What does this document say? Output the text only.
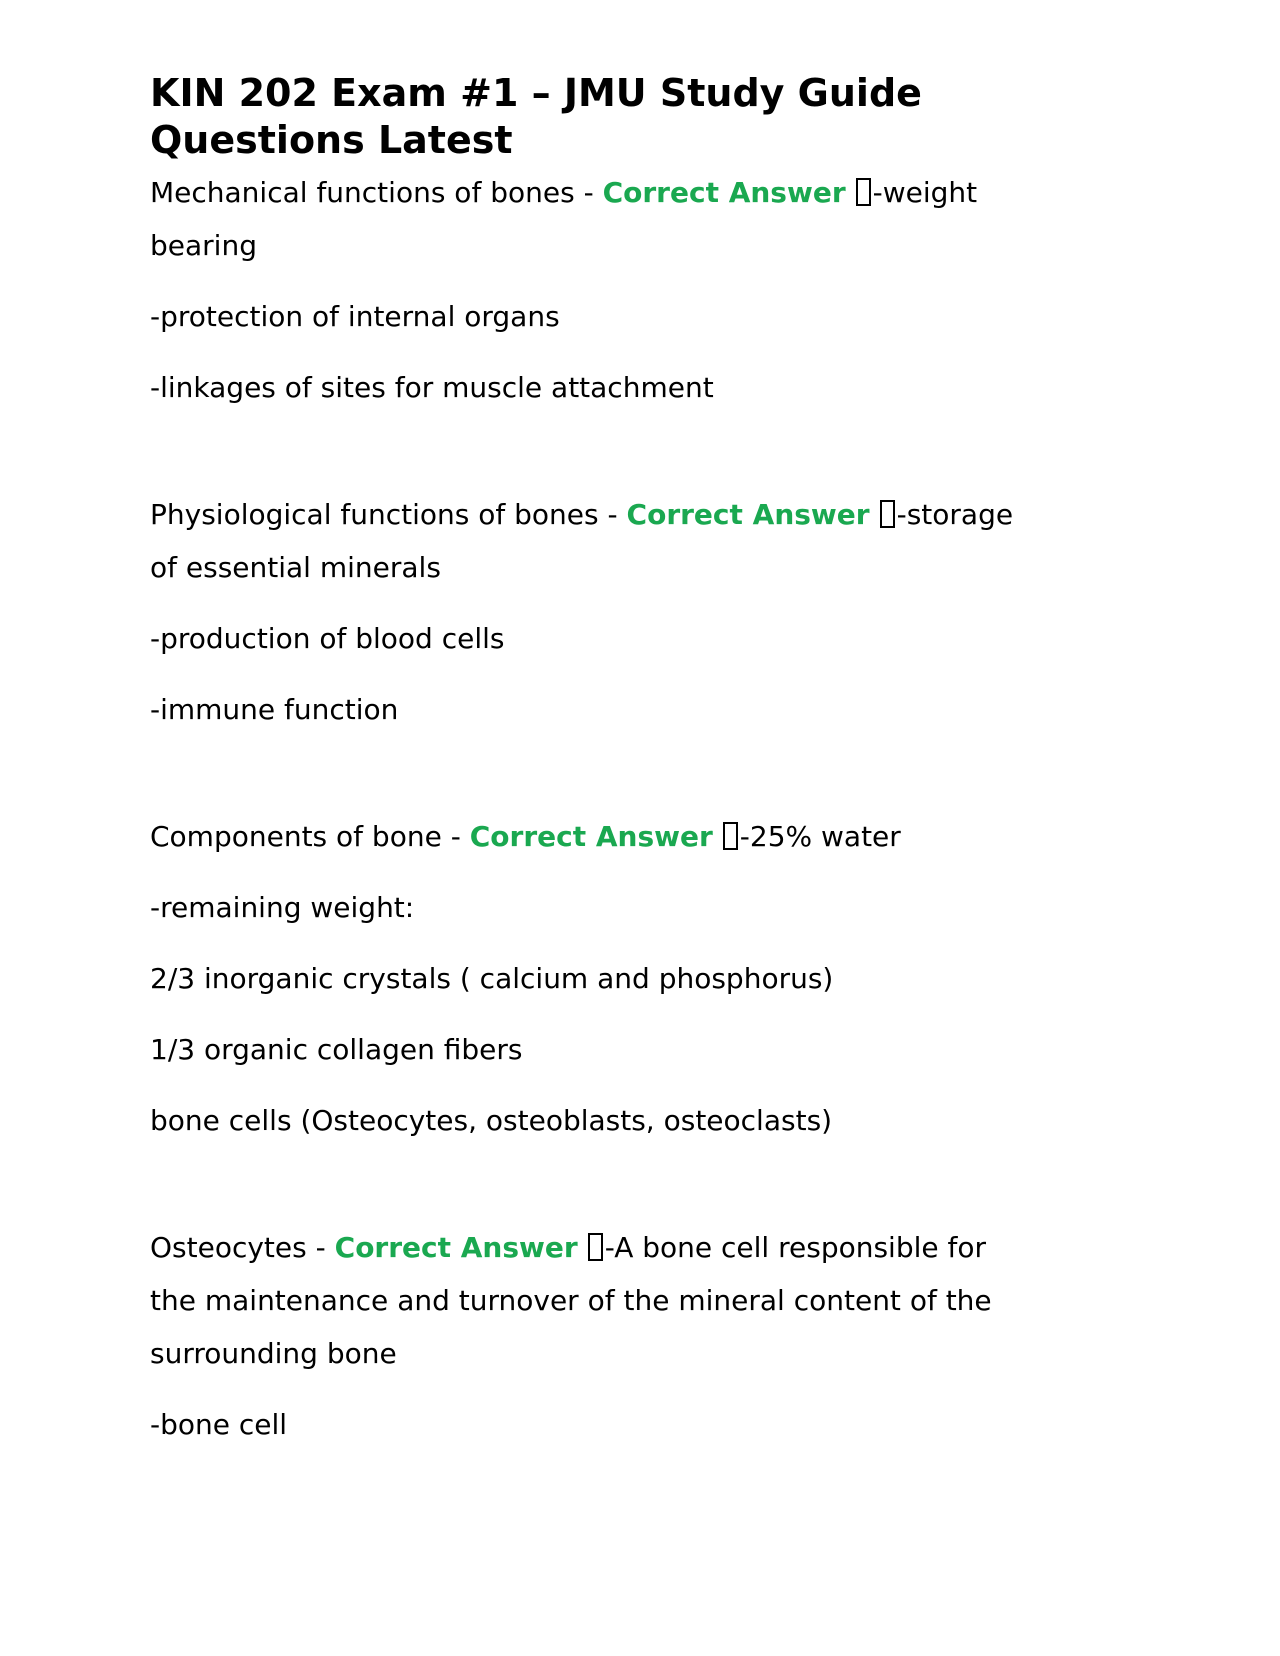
KIN 202 Exam #1 – JMU Study Guide Questions Latest
Mechanical functions of bones - Correct Answer -weight
bearing
-protection of internal organs
-linkages of sites for muscle attachment
Physiological functions of bones - Correct Answer -storage
of essential minerals
-production of blood cells
-immune function
Components of bone - Correct Answer -25% water
-remaining weight:
2/3 inorganic crystals ( calcium and phosphorus)
1/3 organic collagen fibers
bone cells (Osteocytes, osteoblasts, osteoclasts)
Osteocytes - Correct Answer -A bone cell responsible for
the maintenance and turnover of the mineral content of the
surrounding bone
-bone cell
